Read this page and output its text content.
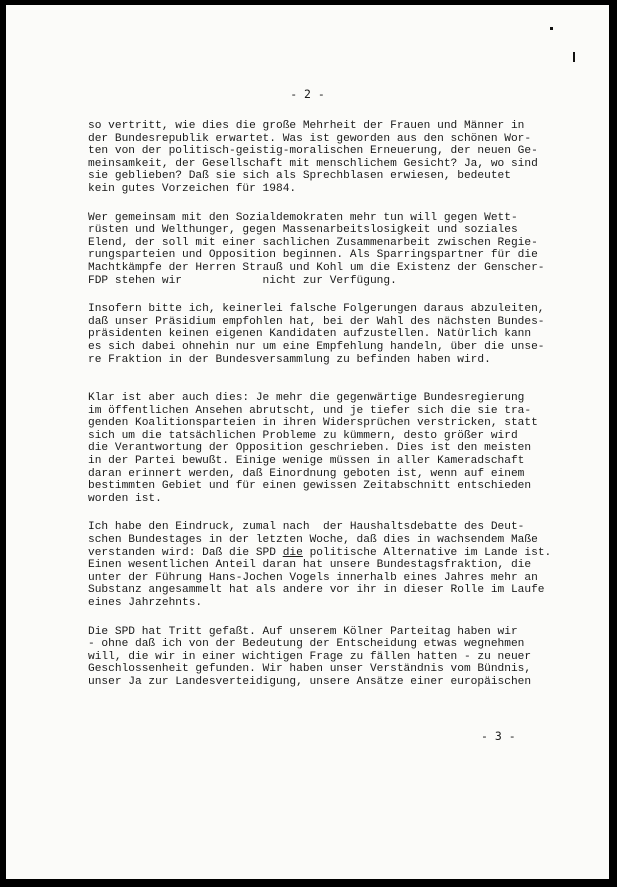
- 2 -

so vertritt, wie dies die große Mehrheit der Frauen und Männer in
der Bundesrepublik erwartet. Was ist geworden aus den schönen Wor-
ten von der politisch-geistig-moralischen Erneuerung, der neuen Ge-
meinsamkeit, der Gesellschaft mit menschlichem Gesicht? Ja, wo sind
sie geblieben? Daß sie sich als Sprechblasen erwiesen, bedeutet
kein gutes Vorzeichen für 1984.

Wer gemeinsam mit den Sozialdemokraten mehr tun will gegen Wett-
rüsten und Welthunger, gegen Massenarbeitslosigkeit und soziales
Elend, der soll mit einer sachlichen Zusammenarbeit zwischen Regie-
rungsparteien und Opposition beginnen. Als Sparringspartner für die
Machtkämpfe der Herren Strauß und Kohl um die Existenz der Genscher-
FDP stehen wir            nicht zur Verfügung.

Insofern bitte ich, keinerlei falsche Folgerungen daraus abzuleiten,
daß unser Präsidium empfohlen hat, bei der Wahl des nächsten Bundes-
präsidenten keinen eigenen Kandidaten aufzustellen. Natürlich kann
es sich dabei ohnehin nur um eine Empfehlung handeln, über die unse-
re Fraktion in der Bundesversammlung zu befinden haben wird.

Klar ist aber auch dies: Je mehr die gegenwärtige Bundesregierung
im öffentlichen Ansehen abrutscht, und je tiefer sich die sie tra-
genden Koalitionsparteien in ihren Widersprüchen verstricken, statt
sich um die tatsächlichen Probleme zu kümmern, desto größer wird
die Verantwortung der Opposition geschrieben. Dies ist den meisten
in der Partei bewußt. Einige wenige müssen in aller Kameradschaft
daran erinnert werden, daß Einordnung geboten ist, wenn auf einem
bestimmten Gebiet und für einen gewissen Zeitabschnitt entschieden
worden ist.

Ich habe den Eindruck, zumal nach  der Haushaltsdebatte des Deut-
schen Bundestages in der letzten Woche, daß dies in wachsendem Maße
verstanden wird: Daß die SPD die politische Alternative im Lande ist.
Einen wesentlichen Anteil daran hat unsere Bundestagsfraktion, die
unter der Führung Hans-Jochen Vogels innerhalb eines Jahres mehr an
Substanz angesammelt hat als andere vor ihr in dieser Rolle im Laufe
eines Jahrzehnts.

Die SPD hat Tritt gefaßt. Auf unserem Kölner Parteitag haben wir
- ohne daß ich von der Bedeutung der Entscheidung etwas wegnehmen
will, die wir in einer wichtigen Frage zu fällen hatten - zu neuer
Geschlossenheit gefunden. Wir haben unser Verständnis vom Bündnis,
unser Ja zur Landesverteidigung, unsere Ansätze einer europäischen

- 3 -
